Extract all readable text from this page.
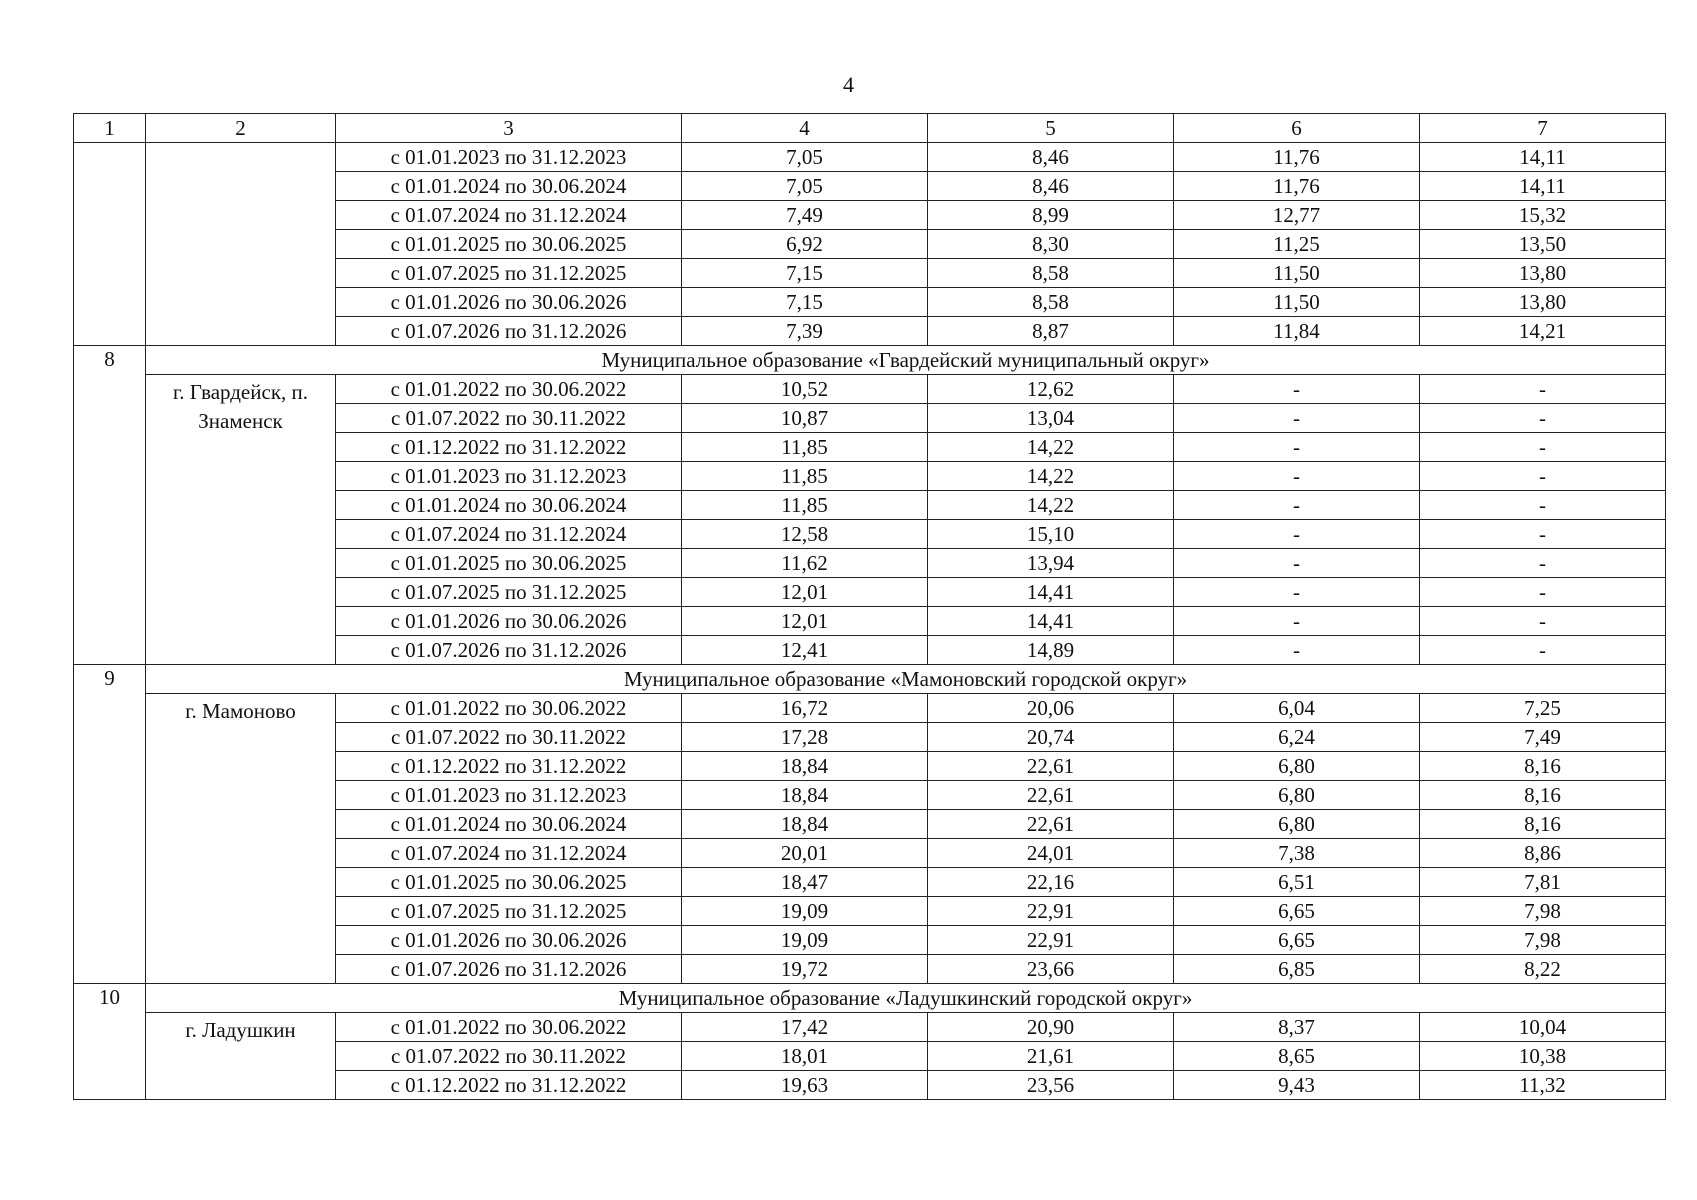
4
1	2	3	4	5	6	7
		с 01.01.2023 по 31.12.2023	7,05	8,46	11,76	14,11
		с 01.01.2024 по 30.06.2024	7,05	8,46	11,76	14,11
		с 01.07.2024 по 31.12.2024	7,49	8,99	12,77	15,32
		с 01.01.2025 по 30.06.2025	6,92	8,30	11,25	13,50
		с 01.07.2025 по 31.12.2025	7,15	8,58	11,50	13,80
		с 01.01.2026 по 30.06.2026	7,15	8,58	11,50	13,80
		с 01.07.2026 по 31.12.2026	7,39	8,87	11,84	14,21
8	Муниципальное образование «Гвардейский муниципальный округ»					
	г. Гвардейск, п. Знаменск	с 01.01.2022 по 30.06.2022	10,52	12,62	-	-
		с 01.07.2022 по 30.11.2022	10,87	13,04	-	-
		с 01.12.2022 по 31.12.2022	11,85	14,22	-	-
		с 01.01.2023 по 31.12.2023	11,85	14,22	-	-
		с 01.01.2024 по 30.06.2024	11,85	14,22	-	-
		с 01.07.2024 по 31.12.2024	12,58	15,10	-	-
		с 01.01.2025 по 30.06.2025	11,62	13,94	-	-
		с 01.07.2025 по 31.12.2025	12,01	14,41	-	-
		с 01.01.2026 по 30.06.2026	12,01	14,41	-	-
		с 01.07.2026 по 31.12.2026	12,41	14,89	-	-
9	Муниципальное образование «Мамоновский городской округ»					
	г. Мамоново	с 01.01.2022 по 30.06.2022	16,72	20,06	6,04	7,25
		с 01.07.2022 по 30.11.2022	17,28	20,74	6,24	7,49
		с 01.12.2022 по 31.12.2022	18,84	22,61	6,80	8,16
		с 01.01.2023 по 31.12.2023	18,84	22,61	6,80	8,16
		с 01.01.2024 по 30.06.2024	18,84	22,61	6,80	8,16
		с 01.07.2024 по 31.12.2024	20,01	24,01	7,38	8,86
		с 01.01.2025 по 30.06.2025	18,47	22,16	6,51	7,81
		с 01.07.2025 по 31.12.2025	19,09	22,91	6,65	7,98
		с 01.01.2026 по 30.06.2026	19,09	22,91	6,65	7,98
		с 01.07.2026 по 31.12.2026	19,72	23,66	6,85	8,22
10	Муниципальное образование «Ладушкинский городской округ»					
	г. Ладушкин	с 01.01.2022 по 30.06.2022	17,42	20,90	8,37	10,04
		с 01.07.2022 по 30.11.2022	18,01	21,61	8,65	10,38
		с 01.12.2022 по 31.12.2022	19,63	23,56	9,43	11,32
